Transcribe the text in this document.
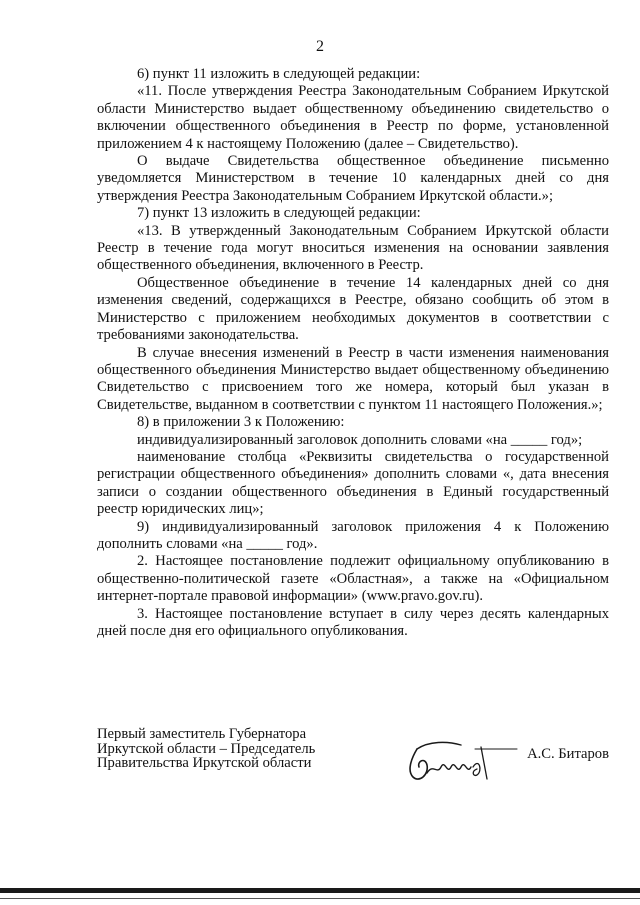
2

6) пункт 11 изложить в следующей редакции:

«11. После утверждения Реестра Законодательным Собранием Иркутской области Министерство выдает общественному объединению свидетельство о включении общественного объединения в Реестр по форме, установленной приложением 4 к настоящему Положению (далее – Свидетельство).

О выдаче Свидетельства общественное объединение письменно уведомляется Министерством в течение 10 календарных дней со дня утверждения Реестра Законодательным Собранием Иркутской области.»;

7) пункт 13 изложить в следующей редакции:

«13. В утвержденный Законодательным Собранием Иркутской области Реестр в течение года могут вноситься изменения на основании заявления общественного объединения, включенного в Реестр.

Общественное объединение в течение 14 календарных дней со дня изменения сведений, содержащихся в Реестре, обязано сообщить об этом в Министерство с приложением необходимых документов в соответствии с требованиями законодательства.

В случае внесения изменений в Реестр в части изменения наименования общественного объединения Министерство выдает общественному объединению Свидетельство с присвоением того же номера, который был указан в Свидетельстве, выданном в соответствии с пунктом 11 настоящего Положения.»;

8) в приложении 3 к Положению:

индивидуализированный заголовок дополнить словами «на _____ год»;

наименование столбца «Реквизиты свидетельства о государственной регистрации общественного объединения» дополнить словами «, дата внесения записи о создании общественного объединения в Единый государственный реестр юридических лиц»;

9) индивидуализированный заголовок приложения 4 к Положению дополнить словами «на _____ год».

2. Настоящее постановление подлежит официальному опубликованию в общественно-политической газете «Областная», а также на «Официальном интернет-портале правовой информации» (www.pravo.gov.ru).

3. Настоящее постановление вступает в силу через десять календарных дней после дня его официального опубликования.

Первый заместитель Губернатора
Иркутской области – Председатель
Правительства Иркутской области
А.С. Битаров
